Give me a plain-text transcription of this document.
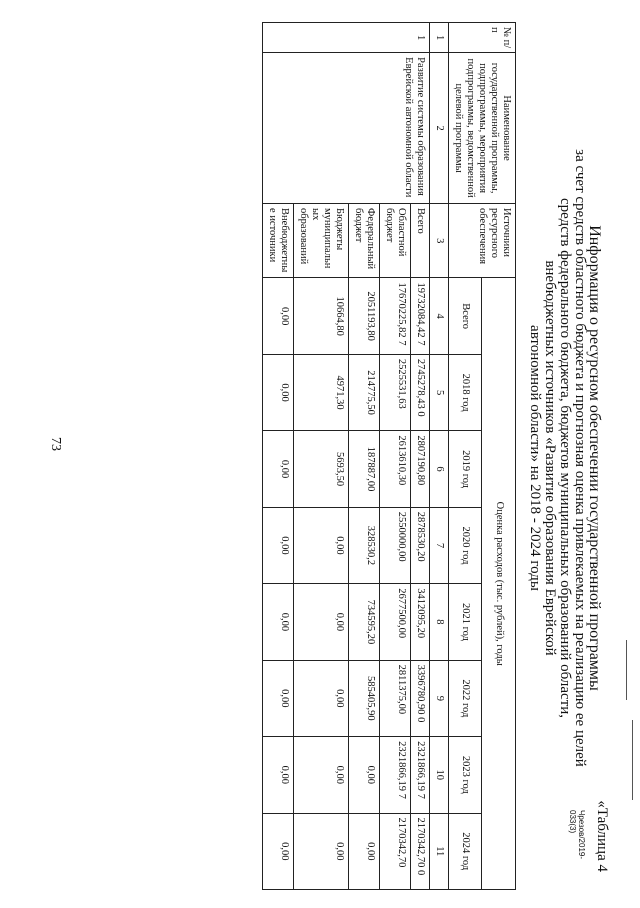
73
«Таблица 4
Информация о ресурсном обеспечении государственной программы
за счет средств областного бюджета и прогнозная оценка привлекаемых на реализацию ее целей
средств федерального бюджета, бюджетов муниципальных образований области,
внебюджетных источников «Развитие образования Еврейской
автономной области» на 2018 - 2024 годы
№ п/п	Наименование государственной программы, подпрограммы, мероприятия подпрограммы, ведомственной целевой программы	Источники ресурсного обеспечения	Оценка расходов (тыс. рублей), годы							
			Всего	2018 год	2019 год	2020 год	2021 год	2022 год	2023 год	2024 год
1	2	3	4	5	6	7	8	9	10	11
1	Развитие системы образования Еврейской автономной области	Всего	19732084,42 7	2745278,43 0	2807190,80	2878530,20	3412095,20	3396780,90 0	2321866,19 7	2170342,70 0
		Областной бюджет	17670225,82 7	2525531,63	2613610,30	2550000,00	2677500,00	2811375,00	2321866,19 7	2170342,70
		Федеральный бюджет	2051193,80	214775,50	187887,00	328530,2	734595,20	585405,90	0,00	0,00
		Бюджеты муниципальных образований	10664,80	4971,30	5693,50	0,00	0,00	0,00	0,00	0,00
		Внебюджетные источники	0,00	0,00	0,00	0,00	0,00	0,00	0,00	0,00	Чрезов/2019-033(3)
